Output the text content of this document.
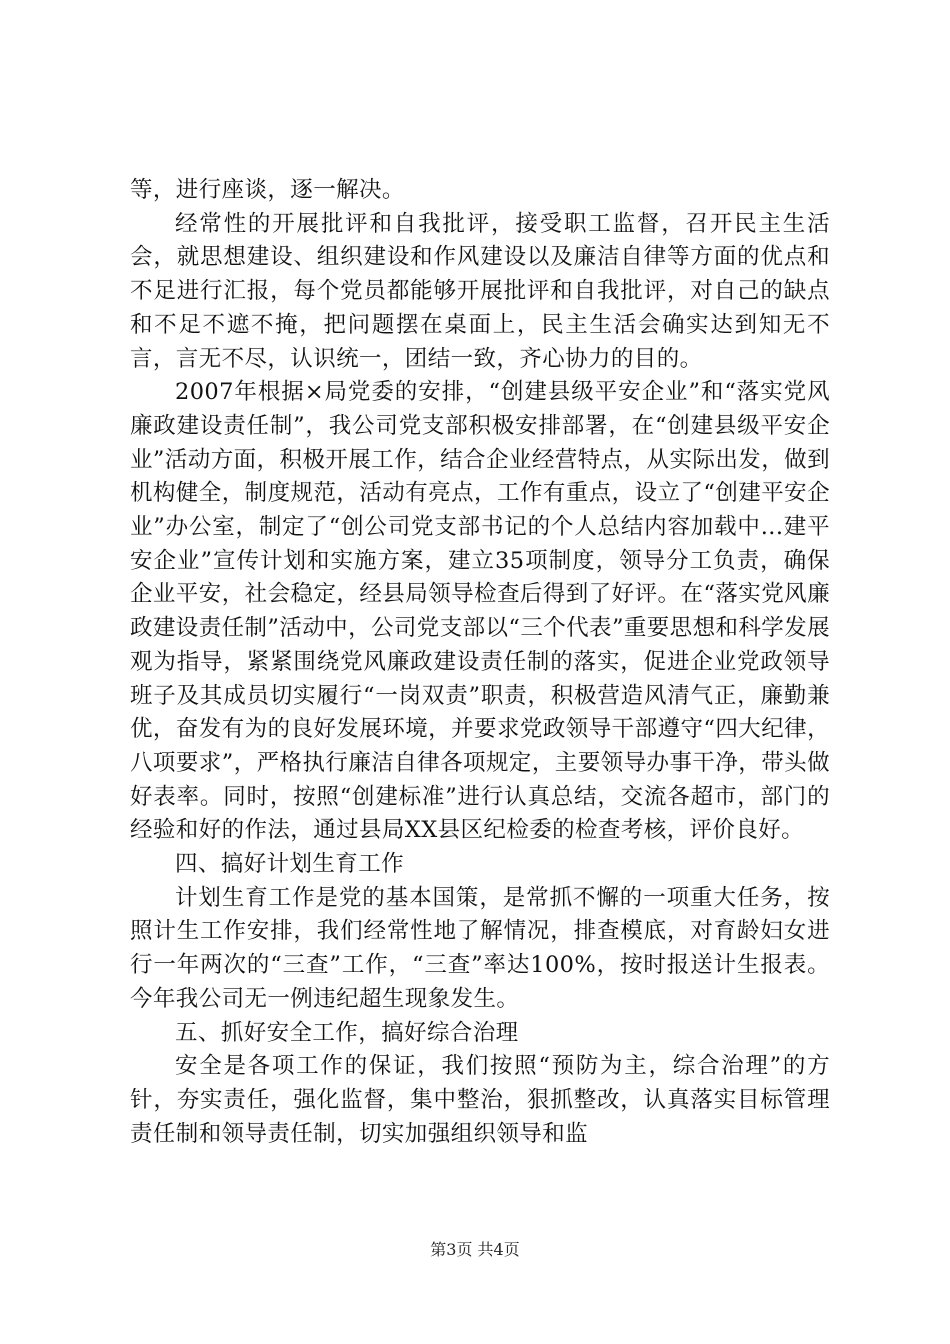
等，进行座谈，逐一解决。

经常性的开展批评和自我批评，接受职工监督，召开民主生活会，就思想建设、组织建设和作风建设以及廉洁自律等方面的优点和不足进行汇报，每个党员都能够开展批评和自我批评，对自己的缺点和不足不遮不掩，把问题摆在桌面上，民主生活会确实达到知无不言，言无不尽，认识统一，团结一致，齐心协力的目的。

2007年根据×局党委的安排，“创建县级平安企业”和“落实党风廉政建设责任制”，我公司党支部积极安排部署，在“创建县级平安企业”活动方面，积极开展工作，结合企业经营特点，从实际出发，做到机构健全，制度规范，活动有亮点，工作有重点，设立了“创建平安企业”办公室，制定了“创公司党支部书记的个人总结内容加载中...建平安企业”宣传计划和实施方案，建立35项制度，领导分工负责，确保企业平安，社会稳定，经县局领导检查后得到了好评。在“落实党风廉政建设责任制”活动中，公司党支部以“三个代表”重要思想和科学发展观为指导，紧紧围绕党风廉政建设责任制的落实，促进企业党政领导班子及其成员切实履行“一岗双责”职责，积极营造风清气正，廉勤兼优，奋发有为的良好发展环境，并要求党政领导干部遵守“四大纪律，八项要求”，严格执行廉洁自律各项规定，主要领导办事干净，带头做好表率。同时，按照“创建标准”进行认真总结，交流各超市，部门的经验和好的作法，通过县局XX县区纪检委的检查考核，评价良好。

四、搞好计划生育工作

计划生育工作是党的基本国策，是常抓不懈的一项重大任务，按照计生工作安排，我们经常性地了解情况，排查模底，对育龄妇女进行一年两次的“三查”工作，“三查”率达100%，按时报送计生报表。今年我公司无一例违纪超生现象发生。

五、抓好安全工作，搞好综合治理

安全是各项工作的保证，我们按照“预防为主，综合治理”的方针，夯实责任，强化监督，集中整治，狠抓整改，认真落实目标管理责任制和领导责任制，切实加强组织领导和监

第3页 共4页
